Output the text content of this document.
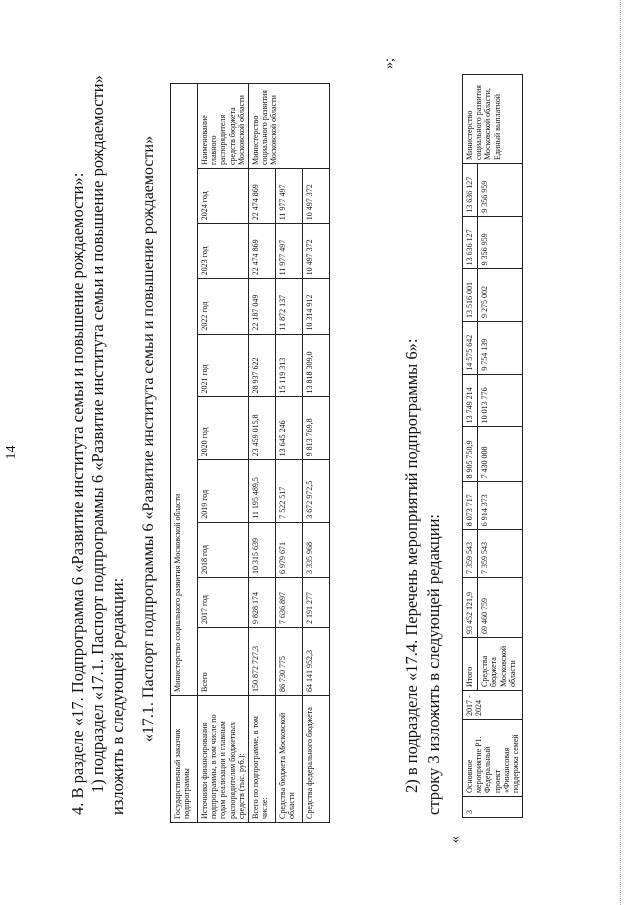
14	4. В разделе «17. Подпрограмма 6 «Развитие института семьи и повышение рождаемости»: 1) подраздел «17.1. Паспорт подпрограммы 6 «Развитие института семьи и повышение рождаемости» изложить в следующей редакции: «17.1. Паспорт подпрограммы 6 «Развитие института семьи и повышение рождаемости»
Государственный заказчик подпрограммы	Министерство социального развития Московской области									
Источники финансирования подпрограммы, в том числе по годам реализации и главным распорядителям бюджетных средств (тыс. руб.):	Всего	2017 год	2018 год	2019 год	2020 год	2021 год	2022 год	2023 год	2024 год	Наименование главного распорядителя средств бюджета Московской области
Всего по подпрограмме, в том числе:	150 872 727,3	9 828 174	10 315 639	11 195 489,5	23 459 015,8	28 937 622	22 187 049	22 474 869	22 474 869	Министерство социального развития Московской области
Средства бюджета Московской области	86 730 775	7 636 897	6 979 671	7 522 517	13 645 246	15 119 313	11 872 137	11 977 497	11 977 497	
Средства федерального бюджета	64 141 952,3	2 191 277	3 335 968	3 672 972,5	9 813 769,8	13 818 309,0	10 314 912	10 497 372	10 497 372	
»;
2) в подразделе «17.4. Перечень мероприятий подпрограммы 6»: строку 3 изложить в следующей редакции:
«
3	Основное мероприятие P1. Федеральный проект «Финансовая поддержка семей	2017 - 2024	Итого	93 452 121,9	7 359 543	8 073 717	8 905 750,9	13 749 214	14 575 642	13 516 001	13 636 127	13 636 127	Министерство социального развития Московской области, Единый выплатной
			Средства бюджета Московской области	69 460 759	7 359 543	6 914 373	7 430 008	10 013 776	9 754 139	9 275 002	9 356 959	9 356 959	
